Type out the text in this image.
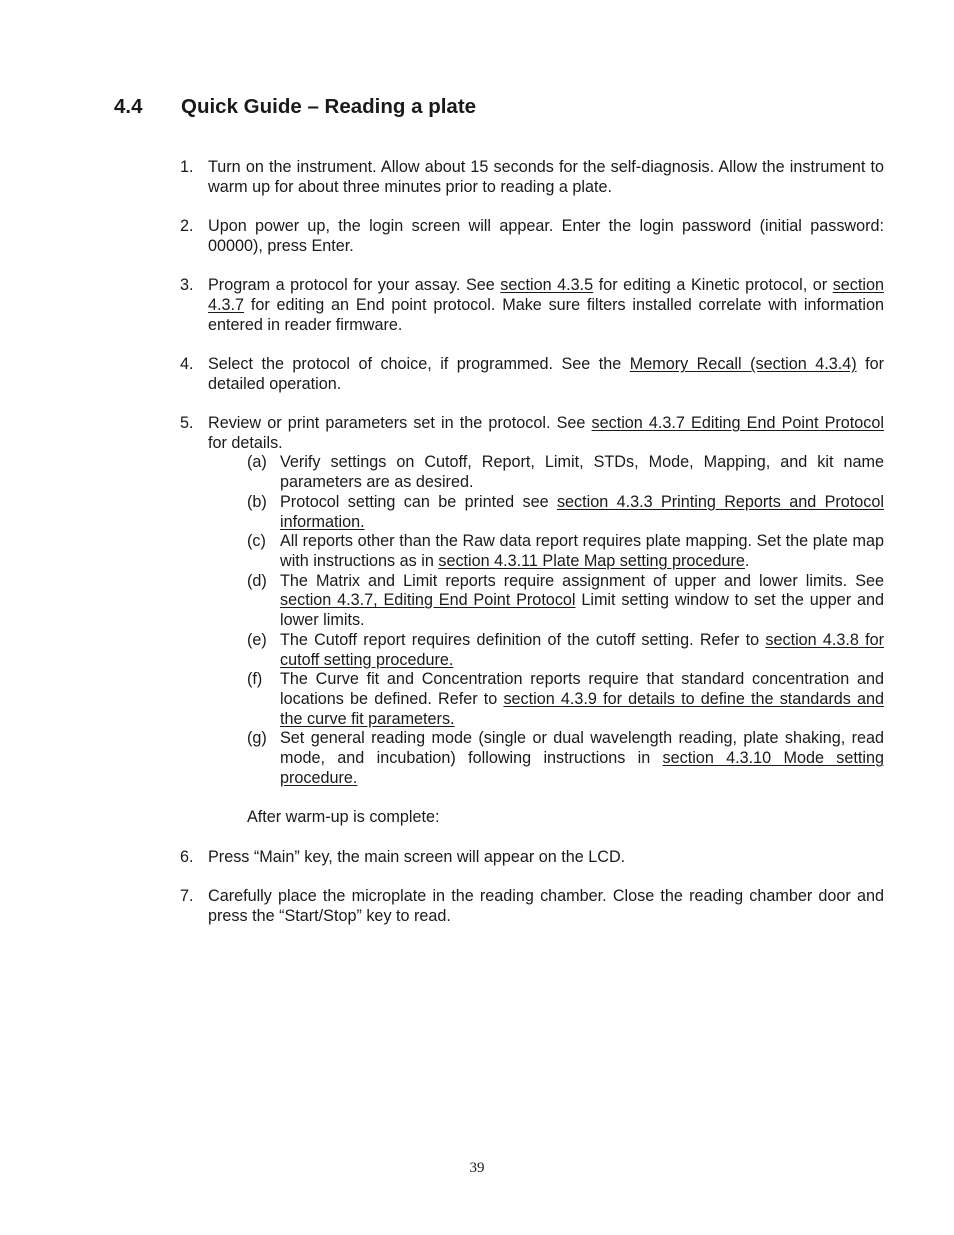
4.4 Quick Guide – Reading a plate
1. Turn on the instrument. Allow about 15 seconds for the self-diagnosis. Allow the instrument to warm up for about three minutes prior to reading a plate.
2. Upon power up, the login screen will appear. Enter the login password (initial password: 00000), press Enter.
3. Program a protocol for your assay. See section 4.3.5 for editing a Kinetic protocol, or section 4.3.7 for editing an End point protocol. Make sure filters installed correlate with information entered in reader firmware.
4. Select the protocol of choice, if programmed. See the Memory Recall (section 4.3.4) for detailed operation.
5. Review or print parameters set in the protocol. See section 4.3.7 Editing End Point Protocol for details.
(a) Verify settings on Cutoff, Report, Limit, STDs, Mode, Mapping, and kit name parameters are as desired.
(b) Protocol setting can be printed see section 4.3.3 Printing Reports and Protocol information.
(c) All reports other than the Raw data report requires plate mapping. Set the plate map with instructions as in section 4.3.11 Plate Map setting procedure.
(d) The Matrix and Limit reports require assignment of upper and lower limits. See section 4.3.7, Editing End Point Protocol Limit setting window to set the upper and lower limits.
(e) The Cutoff report requires definition of the cutoff setting. Refer to section 4.3.8 for cutoff setting procedure.
(f) The Curve fit and Concentration reports require that standard concentration and locations be defined. Refer to section 4.3.9 for details to define the standards and the curve fit parameters.
(g) Set general reading mode (single or dual wavelength reading, plate shaking, read mode, and incubation) following instructions in section 4.3.10 Mode setting procedure.
After warm-up is complete:
6. Press “Main” key, the main screen will appear on the LCD.
7. Carefully place the microplate in the reading chamber. Close the reading chamber door and press the “Start/Stop” key to read.
39
